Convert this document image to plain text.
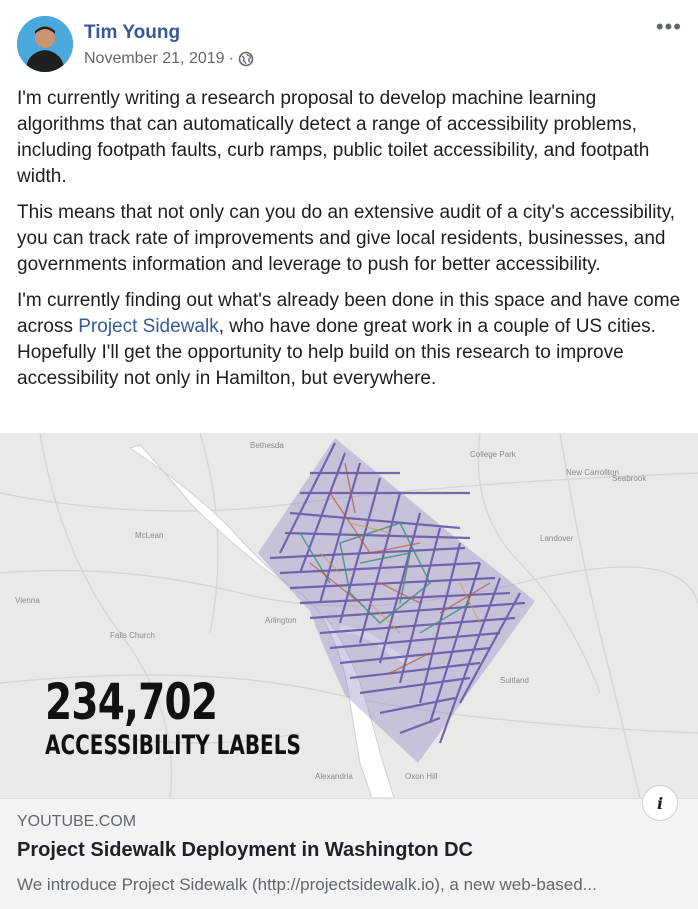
Tim Young
November 21, 2019 ·
•••

I'm currently writing a research proposal to develop machine learning algorithms that can automatically detect a range of accessibility problems, including footpath faults, curb ramps, public toilet accessibility, and footpath width.

This means that not only can you do an extensive audit of a city's accessibility, you can track rate of improvements and give local residents, businesses, and governments information and leverage to push for better accessibility.

I'm currently finding out what's already been done in this space and have come across Project Sidewalk, who have done great work in a couple of US cities. Hopefully I'll get the opportunity to help build on this research to improve accessibility not only in Hamilton, but everywhere.

Bethesda
College Park
McLean
Arlington
Falls Church
Alexandria
Vienna
Suitland
Landover
New Carrollton
Seabrook
Oxon Hill
234,702
ACCESSIBILITY LABELS
i
YOUTUBE.COM
Project Sidewalk Deployment in Washington DC
We introduce Project Sidewalk (http://projectsidewalk.io), a new web-based...
